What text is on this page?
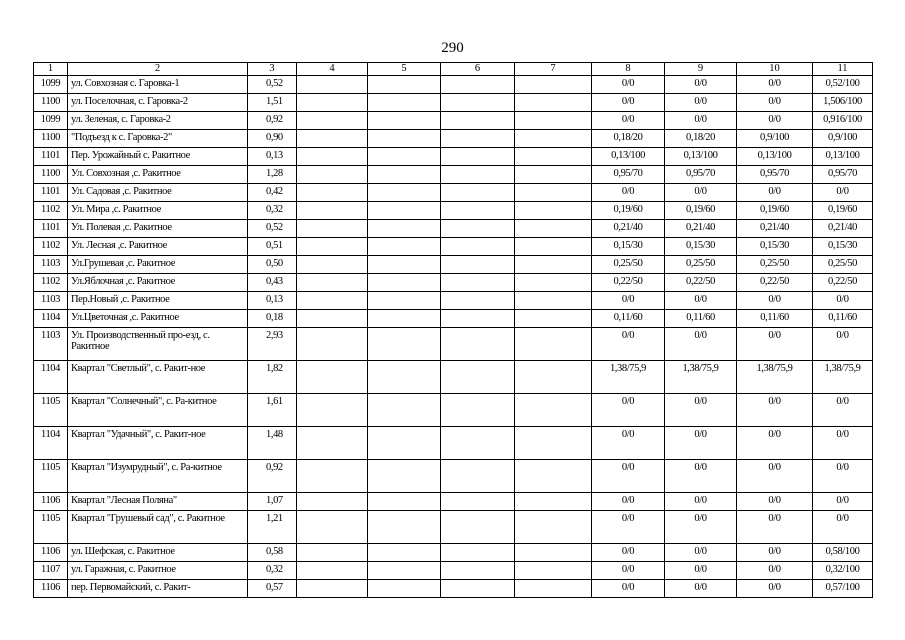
290
1	2	3	4	5	6	7	8	9	10	11
1099	ул. Совхозная с. Гаровка-1	0,52					0/0	0/0	0/0	0,52/100
1100	ул. Поселочная, с. Гаровка-2	1,51					0/0	0/0	0/0	1,506/100
1099	ул. Зеленая, с. Гаровка-2	0,92					0/0	0/0	0/0	0,916/100
1100	"Подъезд к с. Гаровка-2"	0,90					0,18/20	0,18/20	0,9/100	0,9/100
1101	Пер. Урожайный с. Ракитное	0,13					0,13/100	0,13/100	0,13/100	0,13/100
1100	Ул. Совхозная ,с. Ракитное	1,28					0,95/70	0,95/70	0,95/70	0,95/70
1101	Ул. Садовая ,с. Ракитное	0,42					0/0	0/0	0/0	0/0
1102	Ул. Мира ,с. Ракитное	0,32					0,19/60	0,19/60	0,19/60	0,19/60
1101	Ул. Полевая ,с. Ракитное	0,52					0,21/40	0,21/40	0,21/40	0,21/40
1102	Ул. Лесная ,с. Ракитное	0,51					0,15/30	0,15/30	0,15/30	0,15/30
1103	Ул.Грушевая ,с. Ракитное	0,50					0,25/50	0,25/50	0,25/50	0,25/50
1102	Ул.Яблочная ,с. Ракитное	0,43					0,22/50	0,22/50	0,22/50	0,22/50
1103	Пер.Новый ,с. Ракитное	0,13					0/0	0/0	0/0	0/0
1104	Ул.Цветочная ,с. Ракитное	0,18					0,11/60	0,11/60	0,11/60	0,11/60
1103	Ул. Производственный про-езд, с. Ракитное	2,93					0/0	0/0	0/0	0/0
1104	Квартал "Светлый", с. Ракит-ное	1,82					1,38/75,9	1,38/75,9	1,38/75,9	1,38/75,9
1105	Квартал "Солнечный", с. Ра-китное	1,61					0/0	0/0	0/0	0/0
1104	Квартал "Удачный", с. Ракит-ное	1,48					0/0	0/0	0/0	0/0
1105	Квартал "Изумрудный", с. Ра-китное	0,92					0/0	0/0	0/0	0/0
1106	Квартал "Лесная Поляна"	1,07					0/0	0/0	0/0	0/0
1105	Квартал "Грушевый сад", с. Ракитное	1,21					0/0	0/0	0/0	0/0
1106	ул. Шефская, с. Ракитное	0,58					0/0	0/0	0/0	0,58/100
1107	ул. Гаражная, с. Ракитное	0,32					0/0	0/0	0/0	0,32/100
1106	пер. Первомайский, с. Ракит-	0,57					0/0	0/0	0/0	0,57/100
